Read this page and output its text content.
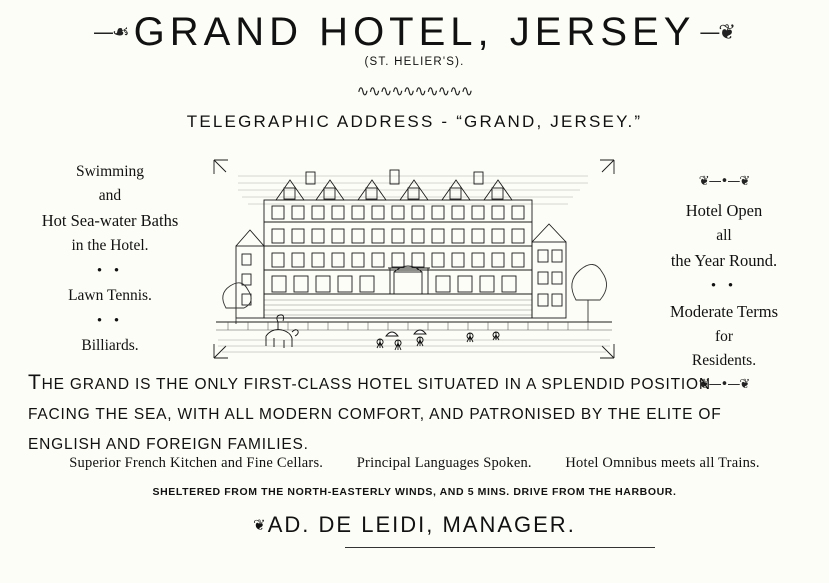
❧— GRAND HOTEL, JERSEY —❦
(ST. HELIER'S).
∿∿∿∿∿∿∿∿∿∿
TELEGRAPHIC ADDRESS - “GRAND, JERSEY.”
Swimming
and
Hot Sea-water Baths
in the Hotel.
• •
Lawn Tennis.
• •
Billiards.
❦—•—❦
Hotel Open
all
the Year Round.
• •
Moderate Terms
for
Residents.
❦—•—❦
THE GRAND IS THE ONLY FIRST-CLASS HOTEL SITUATED IN A SPLENDID POSITION
FACING THE SEA, WITH ALL MODERN COMFORT, AND PATRONISED BY THE ELITE OF
ENGLISH AND FOREIGN FAMILIES.
Superior French Kitchen and Fine Cellars. Principal Languages Spoken. Hotel Omnibus meets all Trains.
SHELTERED FROM THE NORTH-EASTERLY WINDS, AND 5 MINS. DRIVE FROM THE HARBOUR.
❦AD. DE LEIDI, MANAGER.
